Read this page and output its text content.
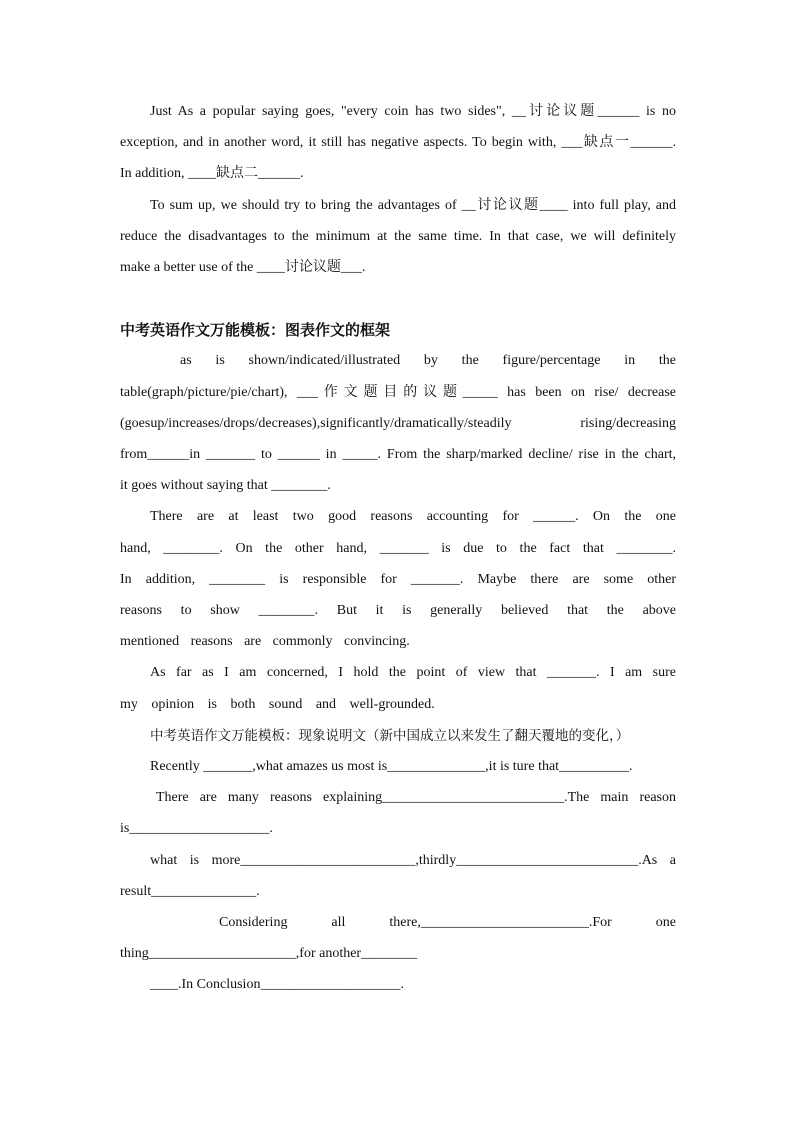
Just As a popular saying goes, "every coin has two sides", __讨论议题______ is no
exception, and in another word, it still has negative aspects. To begin with, ___缺点一______.
In addition, ____缺点二______.
To sum up, we should try to bring the advantages of __讨论议题____ into full play, and
reduce the disadvantages to the minimum at the same time. In that case, we will definitely
make a better use of the ____讨论议题___.
中考英语作文万能模板：图表作文的框架
as is shown/indicated/illustrated by the figure/percentage in the
table(graph/picture/pie/chart), ___作文题目的议题_____ has been on rise/ decrease
(goesup/increases/drops/decreases),significantly/dramatically/steadily rising/decreasing
from______in _______ to ______ in _____. From the sharp/marked decline/ rise in the chart,
it goes without saying that ________.
There are at least two good reasons accounting for ______. On the one
hand, ________. On the other hand, _______ is due to the fact that ________.
In addition, ________ is responsible for _______. Maybe there are some other
reasons to show ________. But it is generally believed that the above
mentioned reasons are commonly convincing.
As far as I am concerned, I hold the point of view that _______. I am sure
my opinion is both sound and well-grounded.
中考英语作文万能模板：现象说明文（新中国成立以来发生了翻天覆地的变化，）
Recently _______,what amazes us most is______________,it is ture that__________.
There are many reasons explaining__________________________.The main reason
is____________________.
what is more_________________________,thirdly__________________________.As a
result_______________.
Considering all there,________________________.For one
thing_____________________,for another________
____.In Conclusion____________________.
